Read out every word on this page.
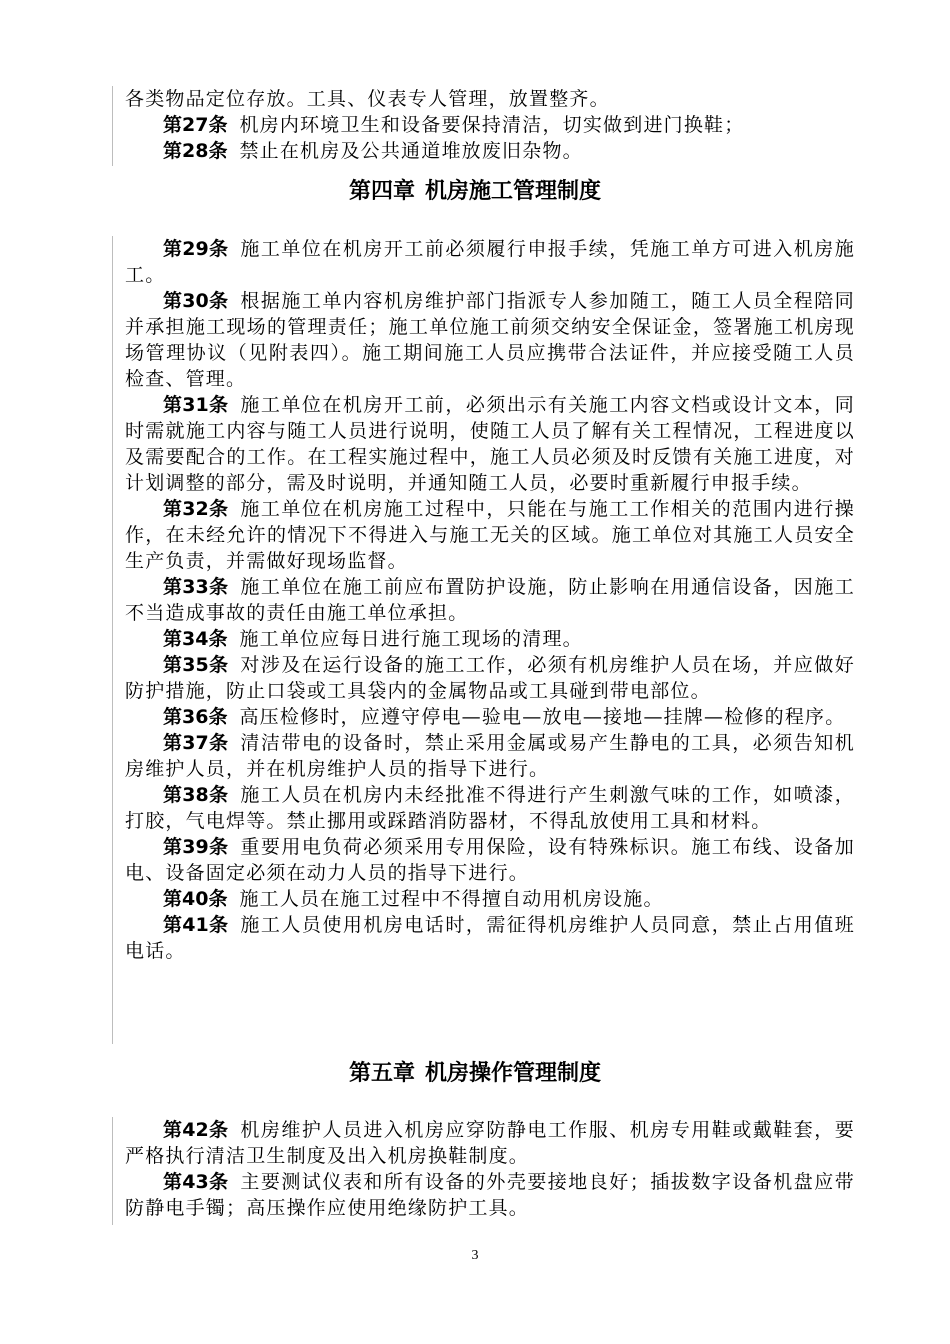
各类物品定位存放。工具、仪表专人管理，放置整齐。

第27条 机房内环境卫生和设备要保持清洁，切实做到进门换鞋；

第28条 禁止在机房及公共通道堆放废旧杂物。

第四章 机房施工管理制度

第29条 施工单位在机房开工前必须履行申报手续，凭施工单方可进入机房施工。

第30条 根据施工单内容机房维护部门指派专人参加随工，随工人员全程陪同并承担施工现场的管理责任；施工单位施工前须交纳安全保证金，签署施工机房现场管理协议（见附表四）。施工期间施工人员应携带合法证件，并应接受随工人员检查、管理。

第31条 施工单位在机房开工前，必须出示有关施工内容文档或设计文本，同时需就施工内容与随工人员进行说明，使随工人员了解有关工程情况，工程进度以及需要配合的工作。在工程实施过程中，施工人员必须及时反馈有关施工进度，对计划调整的部分，需及时说明，并通知随工人员，必要时重新履行申报手续。

第32条 施工单位在机房施工过程中，只能在与施工工作相关的范围内进行操作，在未经允许的情况下不得进入与施工无关的区域。施工单位对其施工人员安全生产负责，并需做好现场监督。

第33条 施工单位在施工前应布置防护设施，防止影响在用通信设备，因施工不当造成事故的责任由施工单位承担。

第34条 施工单位应每日进行施工现场的清理。

第35条 对涉及在运行设备的施工工作，必须有机房维护人员在场，并应做好防护措施，防止口袋或工具袋内的金属物品或工具碰到带电部位。

第36条 高压检修时，应遵守停电—验电—放电—接地—挂牌—检修的程序。

第37条 清洁带电的设备时，禁止采用金属或易产生静电的工具，必须告知机房维护人员，并在机房维护人员的指导下进行。

第38条 施工人员在机房内未经批准不得进行产生刺激气味的工作，如喷漆，打胶，气电焊等。禁止挪用或踩踏消防器材，不得乱放使用工具和材料。

第39条 重要用电负荷必须采用专用保险，设有特殊标识。施工布线、设备加电、设备固定必须在动力人员的指导下进行。

第40条 施工人员在施工过程中不得擅自动用机房设施。

第41条 施工人员使用机房电话时，需征得机房维护人员同意，禁止占用值班电话。

第五章 机房操作管理制度

第42条 机房维护人员进入机房应穿防静电工作服、机房专用鞋或戴鞋套，要严格执行清洁卫生制度及出入机房换鞋制度。

第43条 主要测试仪表和所有设备的外壳要接地良好；插拔数字设备机盘应带防静电手镯；高压操作应使用绝缘防护工具。

3
